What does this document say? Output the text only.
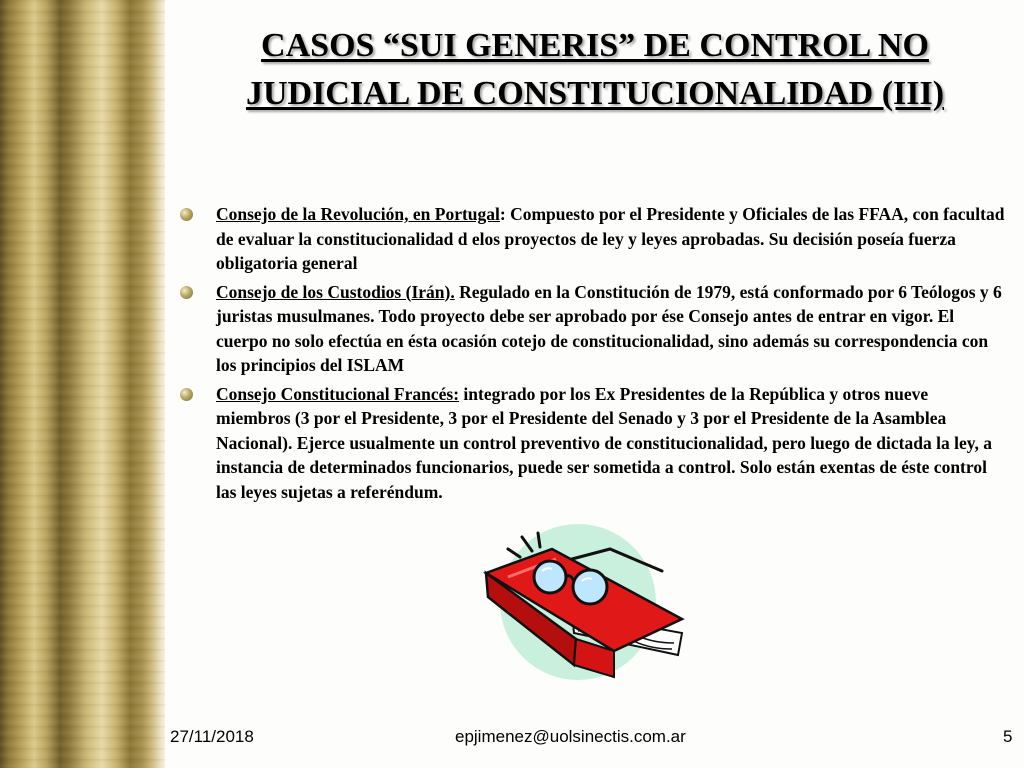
CASOS “SUI GENERIS” DE CONTROL NO JUDICIAL DE CONSTITUCIONALIDAD (III)
Consejo de la Revolución, en Portugal: Compuesto por el Presidente y Oficiales de las FFAA, con facultad de evaluar la constitucionalidad d elos proyectos de ley y leyes aprobadas. Su decisión poseía fuerza obligatoria general
Consejo de los Custodios (Irán). Regulado en la Constitución de 1979, está conformado por 6 Teólogos y 6 juristas musulmanes. Todo proyecto debe ser aprobado por ése Consejo antes de entrar en vigor. El cuerpo no solo efectúa en ésta ocasión cotejo de constitucionalidad, sino además su correspondencia con los principios del ISLAM
Consejo Constitucional Francés: integrado por los Ex Presidentes de la República y otros nueve miembros (3 por el Presidente, 3 por el Presidente del Senado y 3 por el Presidente de la Asamblea Nacional). Ejerce usualmente un control preventivo de constitucionalidad, pero luego de dictada la ley, a instancia de determinados funcionarios, puede ser sometida a control. Solo están exentas de éste control las leyes sujetas a referéndum.
27/11/2018	epjimenez@uolsinectis.com.ar	5
